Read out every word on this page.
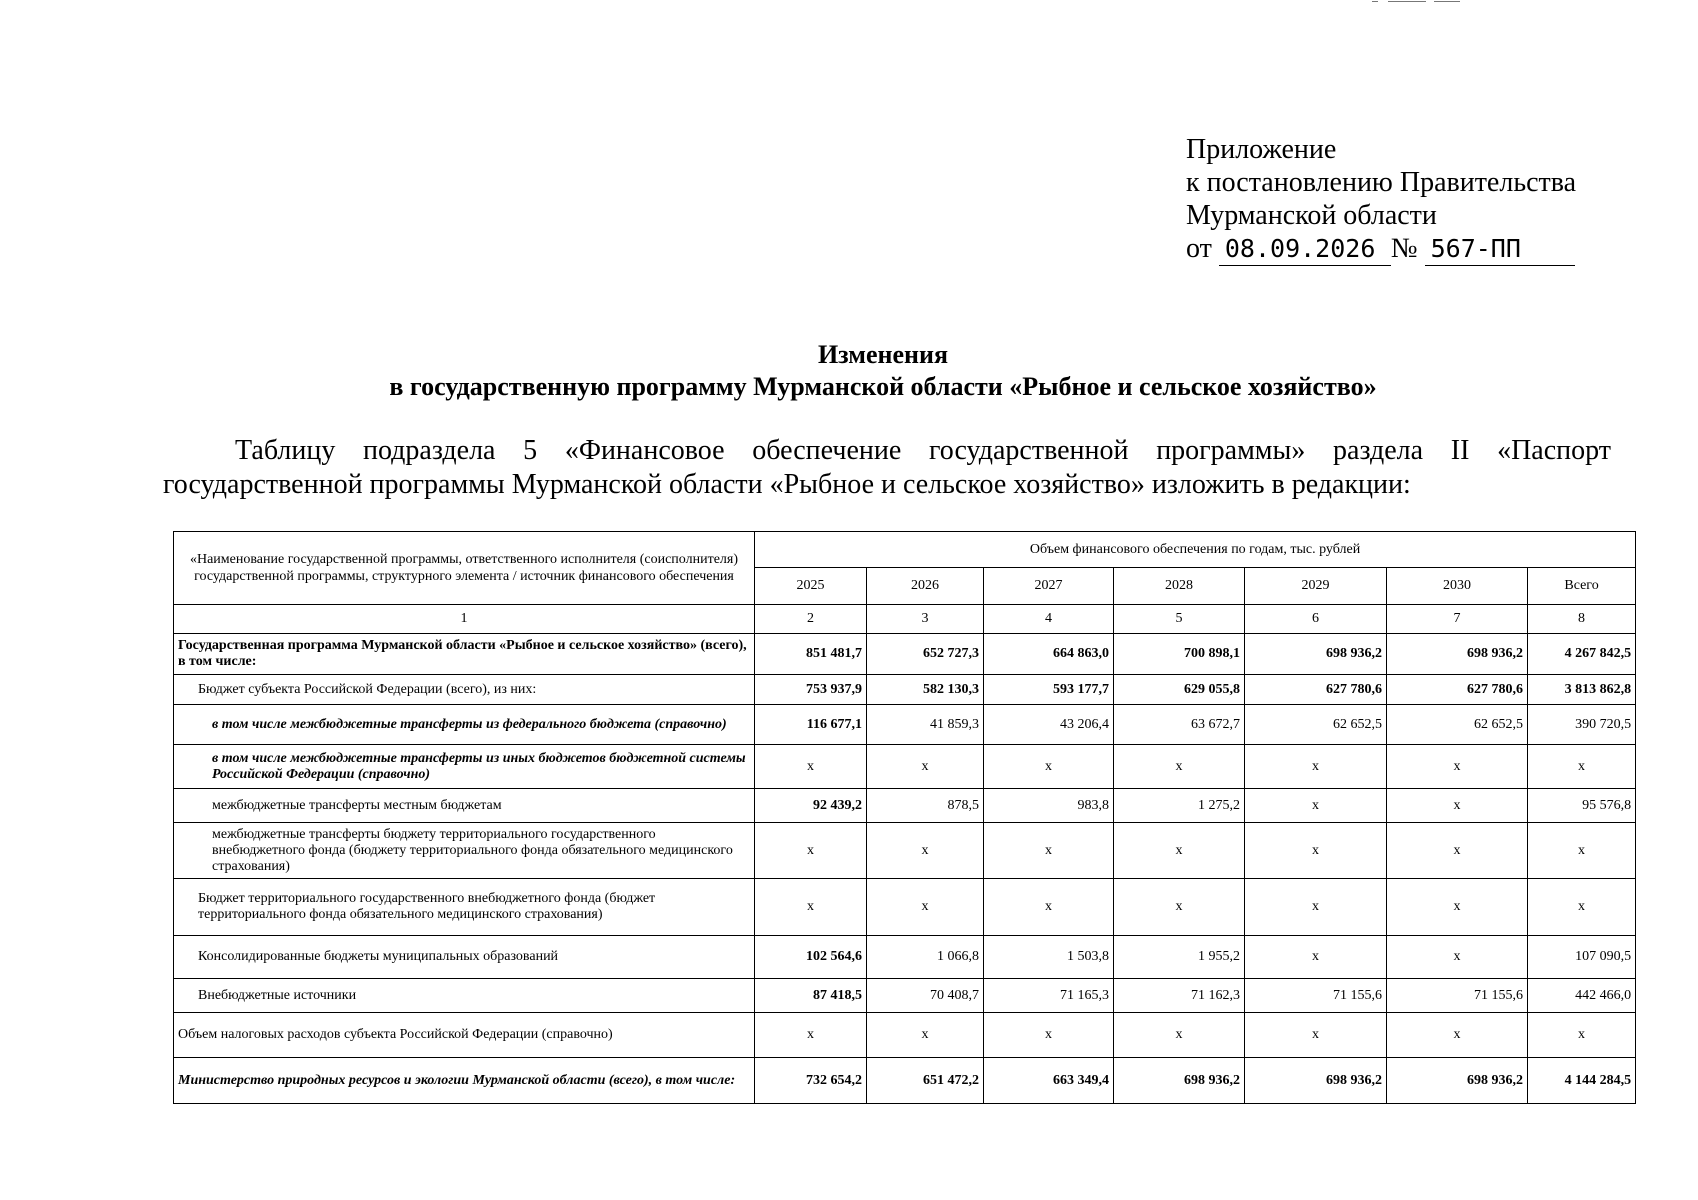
Приложение
к постановлению Правительства
Мурманской области
от 08.09.2026 № 567-ПП
Изменения
в государственную программу Мурманской области «Рыбное и сельское хозяйство»
Таблицу подраздела 5 «Финансовое обеспечение государственной программы» раздела II «Паспорт государственной программы Мурманской области «Рыбное и сельское хозяйство» изложить в редакции:
«Наименование государственной программы, ответственного исполнителя (соисполнителя) государственной программы, структурного элемента / источник финансового обеспечения	Объем финансового обеспечения по годам, тыс. рублей						
	2025	2026	2027	2028	2029	2030	Всего
1	2	3	4	5	6	7	8
Государственная программа Мурманской области «Рыбное и сельское хозяйство» (всего), в том числе:	851 481,7	652 727,3	664 863,0	700 898,1	698 936,2	698 936,2	4 267 842,5
Бюджет субъекта Российской Федерации (всего), из них:	753 937,9	582 130,3	593 177,7	629 055,8	627 780,6	627 780,6	3 813 862,8
в том числе межбюджетные трансферты из федерального бюджета (справочно)	116 677,1	41 859,3	43 206,4	63 672,7	62 652,5	62 652,5	390 720,5
в том числе межбюджетные трансферты из иных бюджетов бюджетной системы Российской Федерации (справочно)	x	x	x	x	x	x	x
межбюджетные трансферты местным бюджетам	92 439,2	878,5	983,8	1 275,2	x	x	95 576,8
межбюджетные трансферты бюджету территориального государственного внебюджетного фонда (бюджету территориального фонда обязательного медицинского страхования)	x	x	x	x	x	x	x
Бюджет территориального государственного внебюджетного фонда (бюджет территориального фонда обязательного медицинского страхования)	x	x	x	x	x	x	x
Консолидированные бюджеты муниципальных образований	102 564,6	1 066,8	1 503,8	1 955,2	x	x	107 090,5
Внебюджетные источники	87 418,5	70 408,7	71 165,3	71 162,3	71 155,6	71 155,6	442 466,0
Объем налоговых расходов субъекта Российской Федерации (справочно)	x	x	x	x	x	x	x
Министерство природных ресурсов и экологии Мурманской области (всего), в том числе:	732 654,2	651 472,2	663 349,4	698 936,2	698 936,2	698 936,2	4 144 284,5
